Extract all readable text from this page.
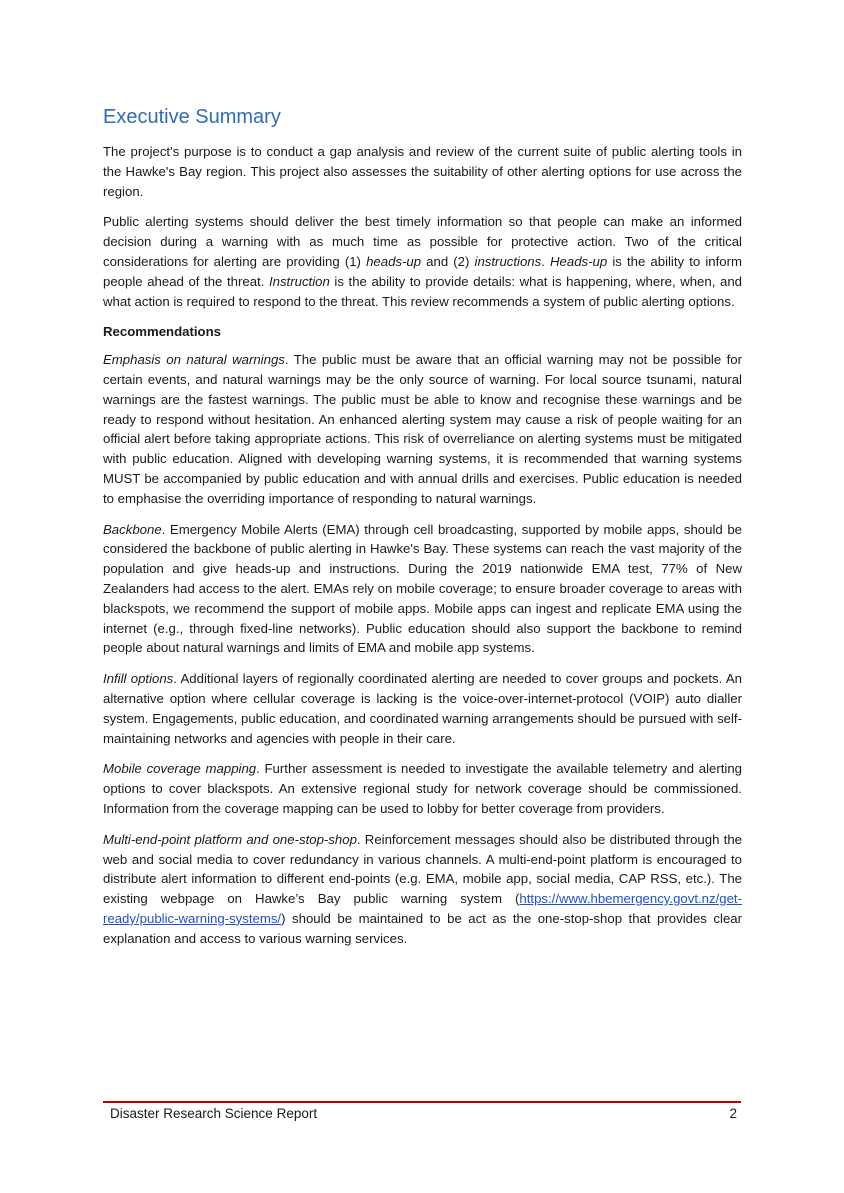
Executive Summary

The project's purpose is to conduct a gap analysis and review of the current suite of public alerting tools in the Hawke's Bay region. This project also assesses the suitability of other alerting options for use across the region.

Public alerting systems should deliver the best timely information so that people can make an informed decision during a warning with as much time as possible for protective action. Two of the critical considerations for alerting are providing (1) heads-up and (2) instructions. Heads-up is the ability to inform people ahead of the threat. Instruction is the ability to provide details: what is happening, where, when, and what action is required to respond to the threat. This review recommends a system of public alerting options.

Recommendations

Emphasis on natural warnings. The public must be aware that an official warning may not be possible for certain events, and natural warnings may be the only source of warning. For local source tsunami, natural warnings are the fastest warnings. The public must be able to know and recognise these warnings and be ready to respond without hesitation. An enhanced alerting system may cause a risk of people waiting for an official alert before taking appropriate actions. This risk of overreliance on alerting systems must be mitigated with public education. Aligned with developing warning systems, it is recommended that warning systems MUST be accompanied by public education and with annual drills and exercises. Public education is needed to emphasise the overriding importance of responding to natural warnings.

Backbone. Emergency Mobile Alerts (EMA) through cell broadcasting, supported by mobile apps, should be considered the backbone of public alerting in Hawke's Bay. These systems can reach the vast majority of the population and give heads-up and instructions. During the 2019 nationwide EMA test, 77% of New Zealanders had access to the alert. EMAs rely on mobile coverage; to ensure broader coverage to areas with blackspots, we recommend the support of mobile apps. Mobile apps can ingest and replicate EMA using the internet (e.g., through fixed-line networks). Public education should also support the backbone to remind people about natural warnings and limits of EMA and mobile app systems.

Infill options. Additional layers of regionally coordinated alerting are needed to cover groups and pockets. An alternative option where cellular coverage is lacking is the voice-over-internet-protocol (VOIP) auto dialler system. Engagements, public education, and coordinated warning arrangements should be pursued with self-maintaining networks and agencies with people in their care.

Mobile coverage mapping. Further assessment is needed to investigate the available telemetry and alerting options to cover blackspots. An extensive regional study for network coverage should be commissioned. Information from the coverage mapping can be used to lobby for better coverage from providers.

Multi-end-point platform and one-stop-shop. Reinforcement messages should also be distributed through the web and social media to cover redundancy in various channels. A multi-end-point platform is encouraged to distribute alert information to different end-points (e.g. EMA, mobile app, social media, CAP RSS, etc.). The existing webpage on Hawke’s Bay public warning system (https://www.hbemergency.govt.nz/get-ready/public-warning-systems/) should be maintained to be act as the one-stop-shop that provides clear explanation and access to various warning services.

Disaster Research Science Report	2
